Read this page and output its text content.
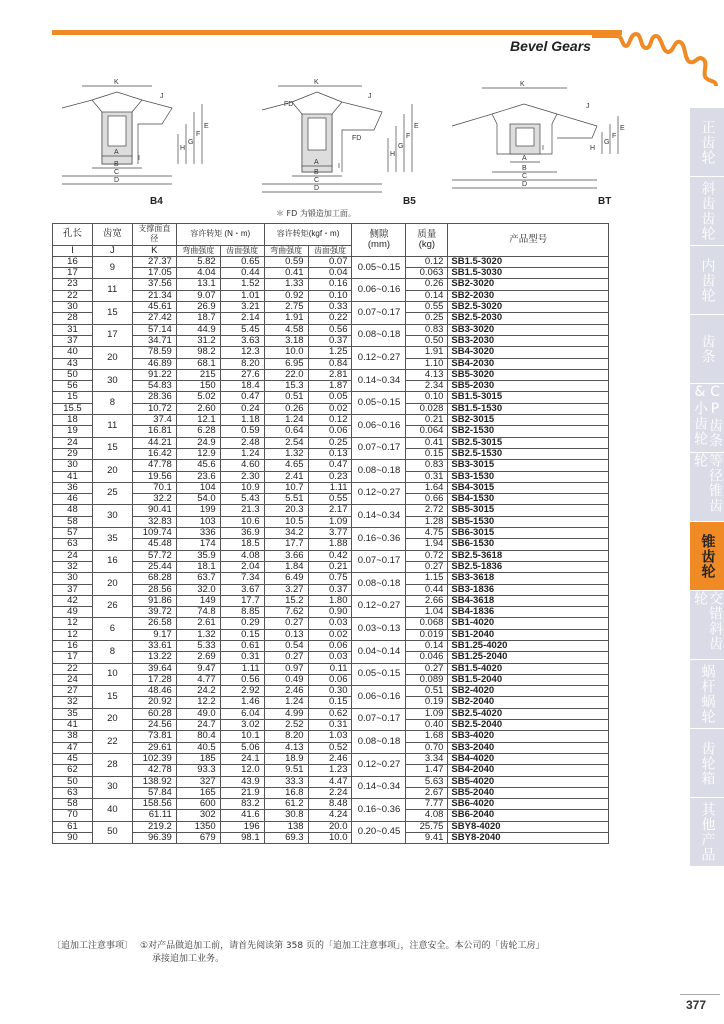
Bevel Gears
K
J
E
F
G
H
A
B
C
D
I
K
FD
FD
J
E
F
G
H
A
B
C
D
I
K
J
E
F
G
H
A
B
C
D
I
B4	B5	BT
＊ FD 为锻造加工面。
孔长	齿宽	支撑面直径	容许转矩 (N・m)		容许转矩(kgf・m)		侧隙
(mm)	质量
(kg)	产品型号
I	J	K	弯曲强度	齿面强度	弯曲强度	齿面强度			
16	9	27.37	5.82	0.65	0.59	0.07	0.05~0.15	0.12	SB1.5-3020
17		17.05	4.04	0.44	0.41	0.04		0.063	SB1.5-3030
23	11	37.56	13.1	1.52	1.33	0.16	0.06~0.16	0.26	SB2-3020
22		21.34	9.07	1.01	0.92	0.10		0.14	SB2-2030
30	15	45.61	26.9	3.21	2.75	0.33	0.07~0.17	0.55	SB2.5-3020
28		27.42	18.7	2.14	1.91	0.22		0.25	SB2.5-2030
31	17	57.14	44.9	5.45	4.58	0.56	0.08~0.18	0.83	SB3-3020
37		34.71	31.2	3.63	3.18	0.37		0.50	SB3-2030
40	20	78.59	98.2	12.3	10.0	1.25	0.12~0.27	1.91	SB4-3020
43		46.89	68.1	8.20	6.95	0.84		1.10	SB4-2030
50	30	91.22	215	27.6	22.0	2.81	0.14~0.34	4.13	SB5-3020
56		54.83	150	18.4	15.3	1.87		2.34	SB5-2030
15	8	28.36	5.02	0.47	0.51	0.05	0.05~0.15	0.10	SB1.5-3015
15.5		10.72	2.60	0.24	0.26	0.02		0.028	SB1.5-1530
18	11	37.4	12.1	1.18	1.24	0.12	0.06~0.16	0.21	SB2-3015
19		16.81	6.28	0.59	0.64	0.06		0.064	SB2-1530
24	15	44.21	24.9	2.48	2.54	0.25	0.07~0.17	0.41	SB2.5-3015
29		16.42	12.9	1.24	1.32	0.13		0.15	SB2.5-1530
30	20	47.78	45.6	4.60	4.65	0.47	0.08~0.18	0.83	SB3-3015
41		19.56	23.6	2.30	2.41	0.23		0.31	SB3-1530
36	25	70.1	104	10.9	10.7	1.11	0.12~0.27	1.64	SB4-3015
46		32.2	54.0	5.43	5.51	0.55		0.66	SB4-1530
48	30	90.41	199	21.3	20.3	2.17	0.14~0.34	2.72	SB5-3015
58		32.83	103	10.6	10.5	1.09		1.28	SB5-1530
57	35	109.74	336	36.9	34.2	3.77	0.16~0.36	4.75	SB6-3015
63		45.48	174	18.5	17.7	1.88		1.94	SB6-1530
24	16	57.72	35.9	4.08	3.66	0.42	0.07~0.17	0.72	SB2.5-3618
32		25.44	18.1	2.04	1.84	0.21		0.27	SB2.5-1836
30	20	68.28	63.7	7.34	6.49	0.75	0.08~0.18	1.15	SB3-3618
37		28.56	32.0	3.67	3.27	0.37		0.44	SB3-1836
42	26	91.86	149	17.7	15.2	1.80	0.12~0.27	2.66	SB4-3618
49		39.72	74.8	8.85	7.62	0.90		1.04	SB4-1836
12	6	26.58	2.61	0.29	0.27	0.03	0.03~0.13	0.068	SB1-4020
12		9.17	1.32	0.15	0.13	0.02		0.019	SB1-2040
16	8	33.61	5.33	0.61	0.54	0.06	0.04~0.14	0.14	SB1.25-4020
17		13.22	2.69	0.31	0.27	0.03		0.046	SB1.25-2040
22	10	39.64	9.47	1.11	0.97	0.11	0.05~0.15	0.27	SB1.5-4020
24		17.28	4.77	0.56	0.49	0.06		0.089	SB1.5-2040
27	15	48.46	24.2	2.92	2.46	0.30	0.06~0.16	0.51	SB2-4020
32		20.92	12.2	1.46	1.24	0.15		0.19	SB2-2040
35	20	60.28	49.0	6.04	4.99	0.62	0.07~0.17	1.09	SB2.5-4020
41		24.56	24.7	3.02	2.52	0.31		0.40	SB2.5-2040
38	22	73.81	80.4	10.1	8.20	1.03	0.08~0.18	1.68	SB3-4020
47		29.61	40.5	5.06	4.13	0.52		0.70	SB3-2040
45	28	102.39	185	24.1	18.9	2.46	0.12~0.27	3.34	SB4-4020
62		42.78	93.3	12.0	9.51	1.23		1.47	SB4-2040
50	30	138.92	327	43.9	33.3	4.47	0.14~0.34	5.63	SB5-4020
63		57.84	165	21.9	16.8	2.24		2.67	SB5-2040
58	40	158.56	600	83.2	61.2	8.48	0.16~0.36	7.77	SB6-4020
70		61.11	302	41.6	30.8	4.24		4.08	SB6-2040
61	50	219.2	1350	196	138	20.0	0.20~0.45	25.75	SBY8-4020
90		96.39	679	98.1	69.3	10.0		9.41	SBY8-2040
〔追加工注意事项〕 ①对产品做追加工前，请首先阅读第 358 页的「追加工注意事项」，注意安全。本公司的「齿轮工房」
承接追加工业务。
377
正齿轮
斜齿齿轮
内齿轮
齿条
CP齿条&小齿轮
等径锥齿轮
锥齿轮
交错斜齿轮
蜗杆蜗轮
齿轮箱
其他产品
